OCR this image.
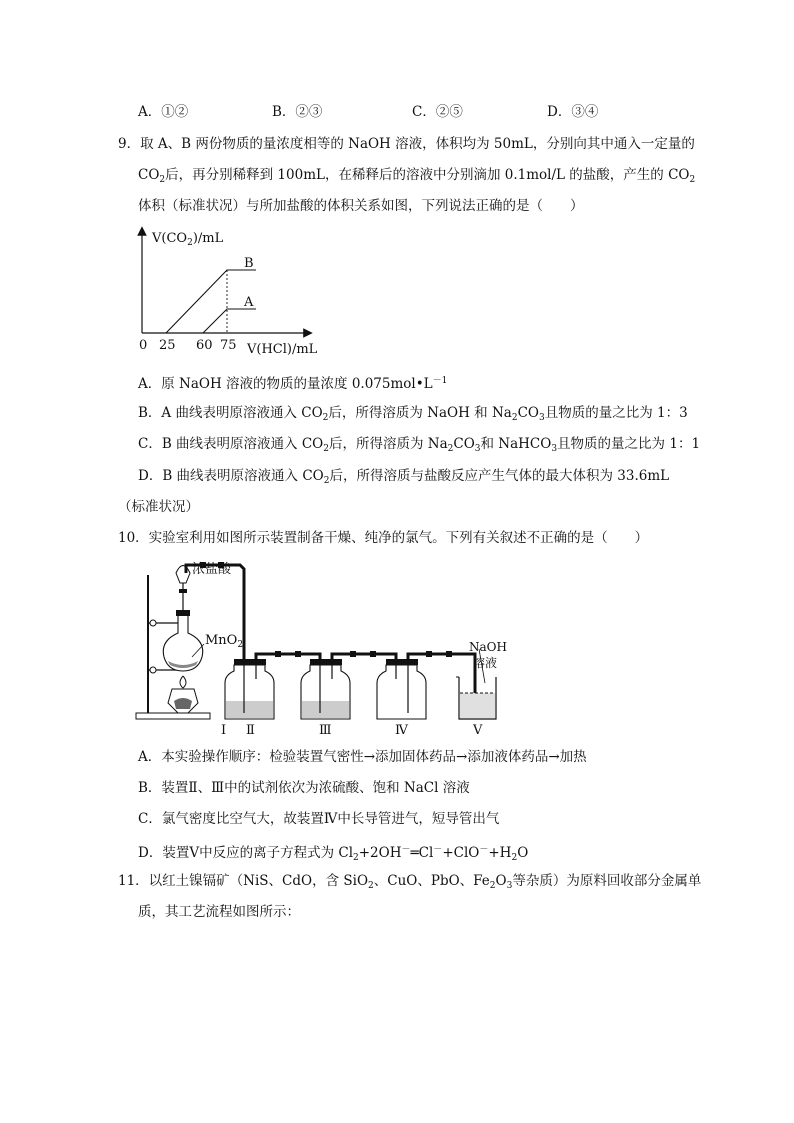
A．①②	B．②③	C．②⑤	D．③④
9．取 A、B 两份物质的量浓度相等的 NaOH 溶液，体积均为 50mL，分别向其中通入一定量的
$CO_2$后，再分别稀释到 100mL，在稀释后的溶液中分别滴加 0.1mol/L 的盐酸，产生的 $CO_2$
体积（标准状况）与所加盐酸的体积关系如图，下列说法正确的是（　　）
$V(CO_2)/mL$
B
A
0 25 60 75 V(HCl)/mL
A．原 NaOH 溶液的物质的量浓度 $0.075mol•L^{-1}$
B．A 曲线表明原溶液通入 $CO_2$后，所得溶质为 NaOH 和 $Na_2CO_3$且物质的量之比为 1：3
C．B 曲线表明原溶液通入 $CO_2$后，所得溶质为 $Na_2CO_3$和 NaHCO$_3$且物质的量之比为 1：1
D．B 曲线表明原溶液通入 $CO_2$后，所得溶质与盐酸反应产生气体的最大体积为 33.6mL
（标准状况）
10．实验室利用如图所示装置制备干燥、纯净的氯气。下列有关叙述不正确的是（　　）
浓盐酸
MnO$_2$	NaOH
溶液
Ⅰ Ⅱ	Ⅲ	Ⅳ	Ⅴ
A．本实验操作顺序：检验装置气密性→添加固体药品→添加液体药品→加热
B．装置Ⅱ、Ⅲ中的试剂依次为浓硫酸、饱和 NaCl 溶液
C．氯气密度比空气大，故装置Ⅳ中长导管进气，短导管出气
D．装置Ⅴ中反应的离子方程式为 $Cl_2+2OH^-═Cl^-+ClO^-+H_2O$
11．以红土镍镉矿（NiS、CdO，含 SiO$_2$、CuO、PbO、$Fe_2O_3$等杂质）为原料回收部分金属单
质，其工艺流程如图所示：
